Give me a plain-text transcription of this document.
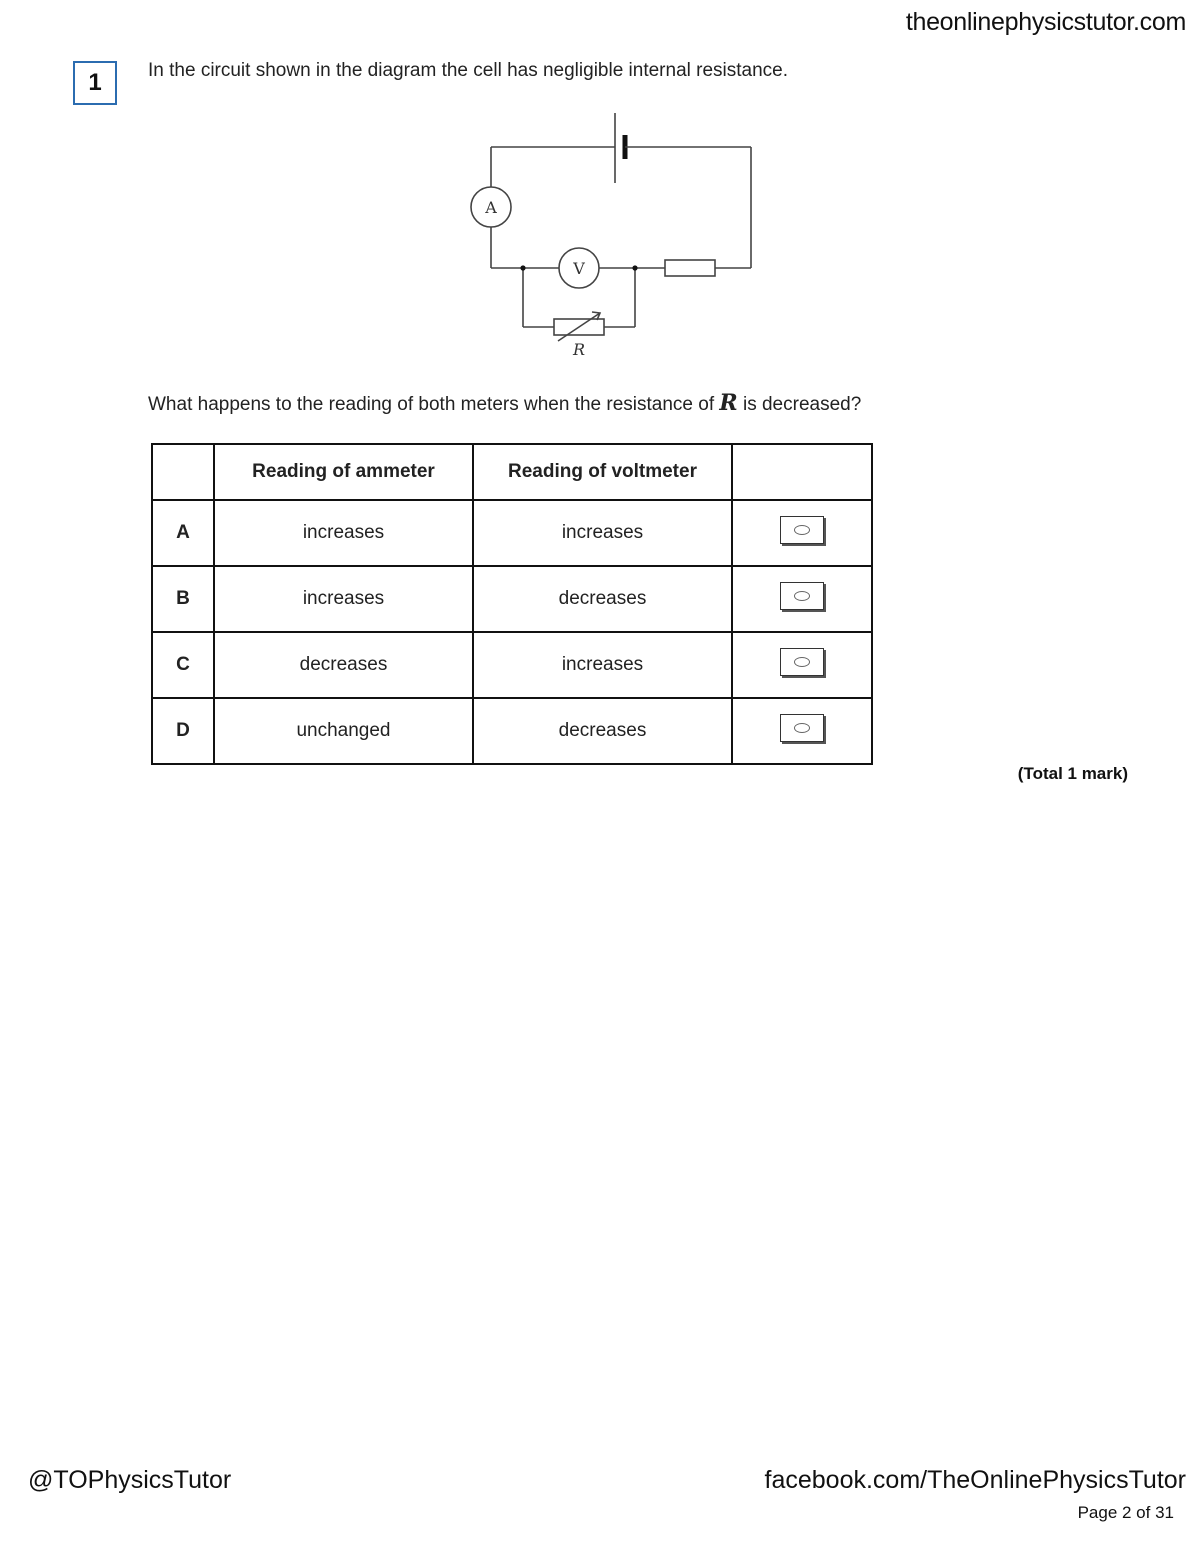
theonlinephysicstutor.com
1	In the circuit shown in the diagram the cell has negligible internal resistance.
A
V
R
What happens to the reading of both meters when the resistance of R is decreased?
	Reading of ammeter	Reading of voltmeter	
A	increases	increases	

B	increases	decreases	

C	decreases	increases	

D	unchanged	decreases	
(Total 1 mark)
@TOPhysicsTutor	facebook.com/TheOnlinePhysicsTutor
Page 2 of 31
